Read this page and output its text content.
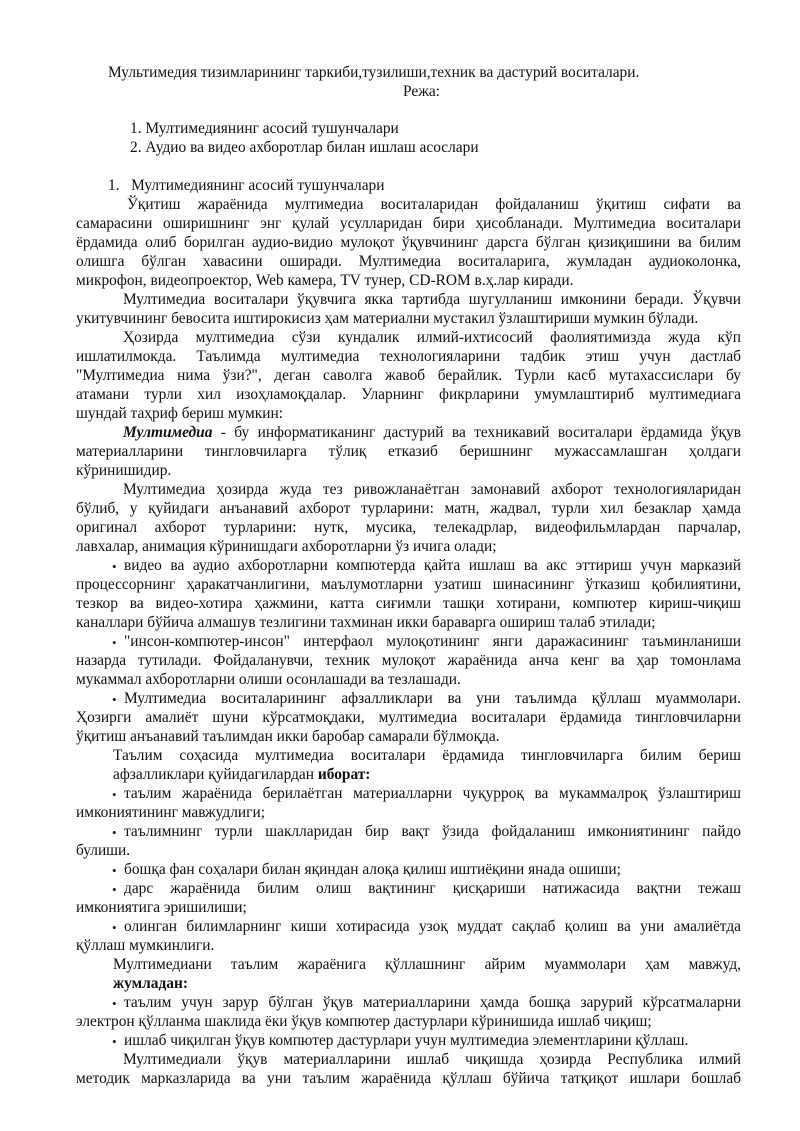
Мультимедия тизимларининг таркиби,тузилиши,техник ва дастурий воситалари.
Режа:
1. Мултимедиянинг асосий тушунчалари
2. Аудио ва видео ахборотлар билан ишлаш асослари
1.   Мултимедиянинг асосий тушунчалари
Ўқитиш жараёнида мултимедиа воситаларидан фойдаланиш ўқитиш сифати ва
самарасини оширишнинг энг қулай усулларидан бири ҳисобланади. Мултимедиа воситалари
ёрдамида олиб борилган аудио-видио мулоқот ўқувчининг дарсга бўлган қизиқишини ва билим
олишга бўлган хавасини оширади. Мултимедиа воситаларига, жумладан аудиоколонка,
микрофон, видеопроектор, Web камера, TV тунер, CD-ROM в.ҳ.лар киради.
Мултимедиа воситалари ўқувчига якка тартибда шугулланиш имконини беради. Ўқувчи
укитувчининг бевосита иштирокисиз ҳам материални мустакил ўзлаштириши мумкин бўлади.
Ҳозирда мултимедиа сўзи кундалик илмий-ихтисосий фаолиятимизда жуда кўп
ишлатилмокда. Таълимда мултимедиа технологияларини тадбик этиш учун дастлаб
"Мултимедиа нима ўзи?", деган саволга жавоб берайлик. Турли касб мутахассислари бу
атамани турли хил изоҳламоқдалар. Уларнинг фикрларини умумлаштириб мултимедиага
шундай таҳриф бериш мумкин:
Мултимедиа - бу информатиканинг дастурий ва техникавий воситалари ёрдамида ўқув
материалларини тингловчиларга тўлиқ етказиб беришнинг мужассамлашган ҳолдаги
кўринишидир.
Мултимедиа ҳозирда жуда тез ривожланаётган замонавий ахборот технологияларидан
бўлиб, у қуйидаги анъанавий ахборот турларини: матн, жадвал, турли хил безаклар ҳамда
оригинал ахборот турларини: нутк, мусика, телекадрлар, видеофильмлардан парчалар,
лавхалар, анимация кўринишдаги ахборотларни ўз ичига олади;
• видео ва аудио ахборотларни компютерда қайта ишлаш ва акс эттириш учун марказий
процессорнинг ҳаракатчанлигини, маълумотларни узатиш шинасининг ўтказиш қобилиятини,
тезкор ва видео-хотира ҳажмини, катта сиғимли ташқи хотирани, компютер кириш-чиқиш
каналлари бўйича алмашув тезлигини тахминан икки бараварга ошириш талаб этилади;
• "инсон-компютер-инсон" интерфаол мулоқотининг янги даражасининг таъминланиши
назарда тутилади. Фойдаланувчи, техник мулоқот жараёнида анча кенг ва ҳар томонлама
мукаммал ахборотларни олиши осонлашади ва тезлашади.
• Мултимедиа воситаларининг афзалликлари ва уни таълимда қўллаш муаммолари.
Ҳозирги амалиёт шуни кўрсатмоқдаки, мултимедиа воситалари ёрдамида тингловчиларни
ўқитиш анъанавий таълимдан икки баробар самарали бўлмоқда.
Таълим соҳасида мултимедиа воситалари ёрдамида тингловчиларга билим бериш
афзалликлари қуйидагилардан иборат:
• таълим жараёнида берилаётган материалларни чуқурроқ ва мукаммалроқ ўзлаштириш
имкониятининг мавжудлиги;
• таълимнинг турли шаклларидан бир вақт ўзида фойдаланиш имкониятининг пайдо
булиши.
• бошқа фан соҳалари билан яқиндан алоқа қилиш иштиёқини янада ошиши;
• дарс жараёнида билим олиш вақтининг қисқариши натижасида вақтни тежаш
имкониятига эришилиши;
• олинган билимларнинг киши хотирасида узоқ муддат сақлаб қолиш ва уни амалиётда
қўллаш мумкинлиги.
Мултимедиани таълим жараёнига қўллашнинг айрим муаммолари ҳам мавжуд,
жумладан:
• таълим учун зарур бўлган ўқув материалларини ҳамда бошқа зарурий кўрсатмаларни
электрон қўлланма шаклида ёки ўқув компютер дастурлари кўринишида ишлаб чиқиш;
• ишлаб чиқилган ўқув компютер дастурлари учун мултимедиа элементларини қўллаш.
Мултимедиали ўқув материалларини ишлаб чиқишда ҳозирда Республика илмий
методик марказларида ва уни таълим жараёнида қўллаш бўйича татқиқот ишлари бошлаб
